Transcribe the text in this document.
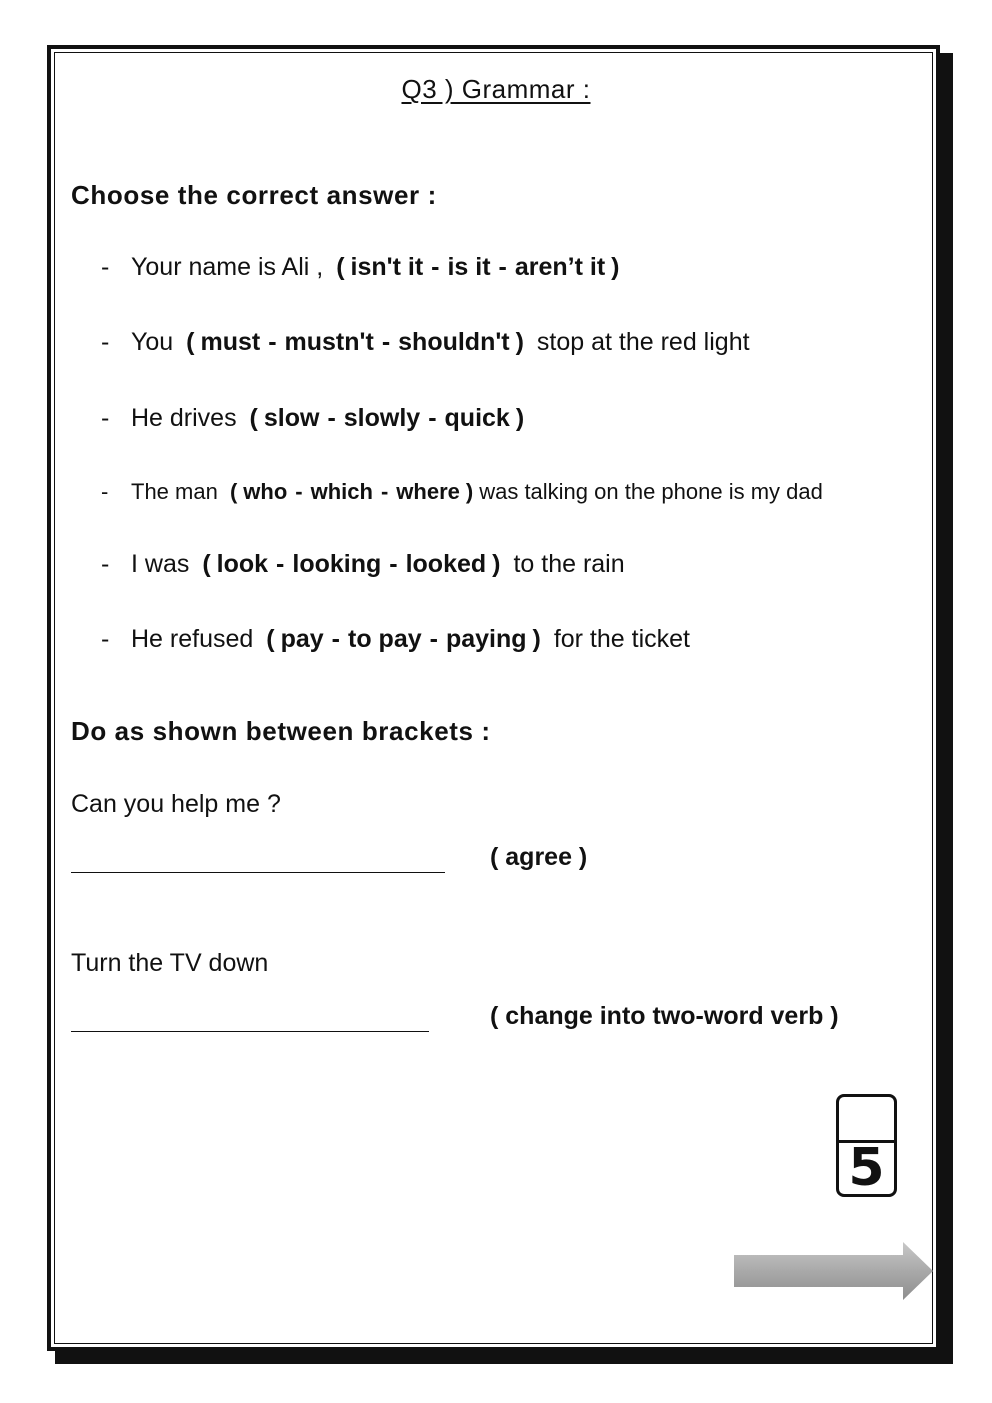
Q3 ) Grammar :
Choose the correct answer :
- Your name is Ali , ( isn't it - is it - aren’t it )
- You ( must - mustn't - shouldn't ) stop at the red light
- He drives ( slow - slowly - quick )
- The man ( who - which - where ) was talking on the phone is my dad
- I was ( look - looking - looked ) to the rain
- He refused ( pay - to pay - paying ) for the ticket
Do as shown between brackets :
Can you help me ?
( agree )
Turn the TV down
( change into two-word verb )
5
